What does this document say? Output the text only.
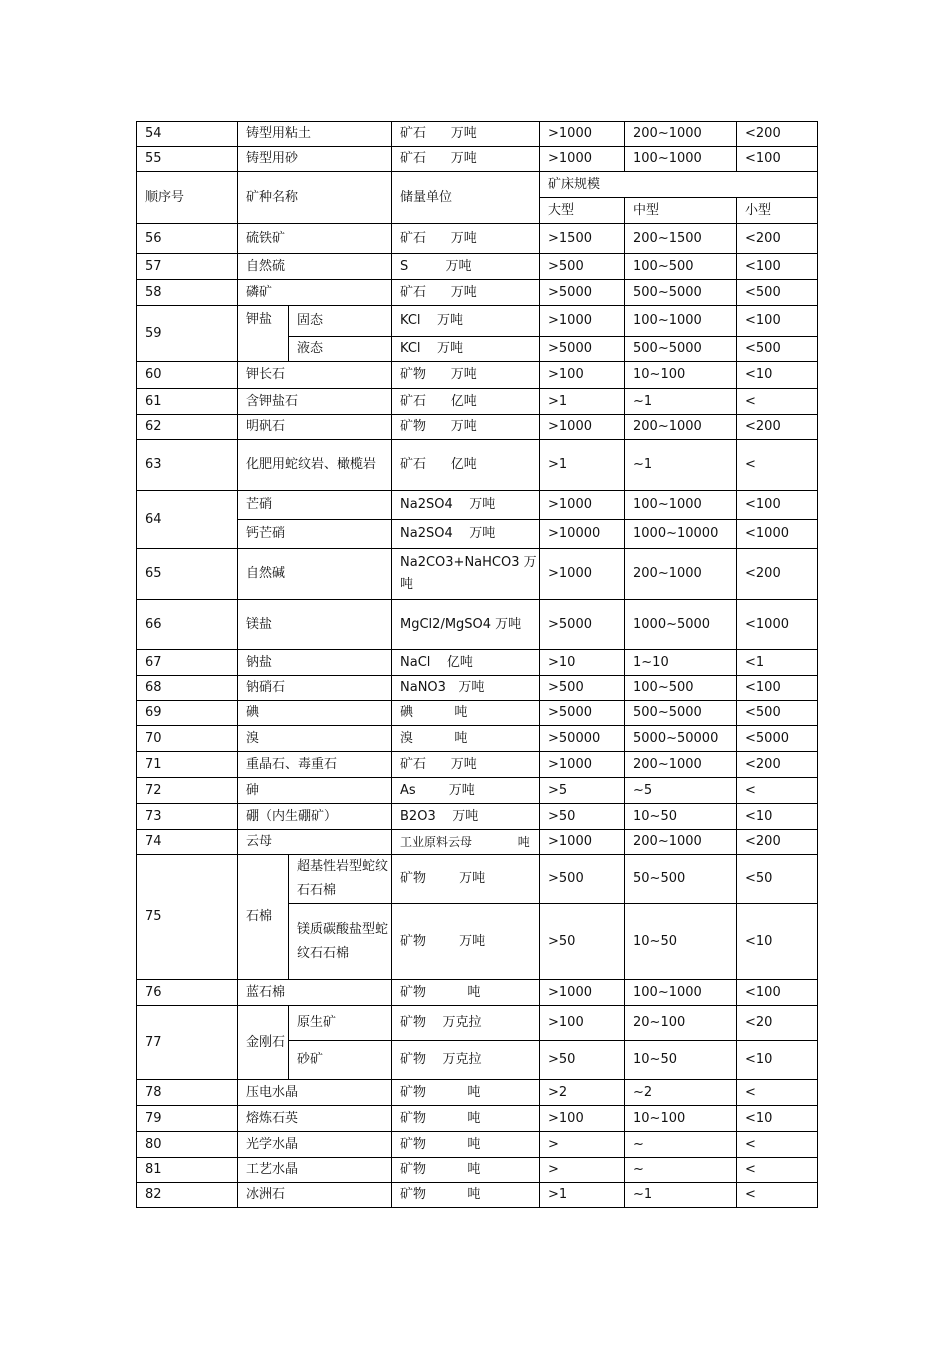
54	铸型用粘土		矿石      万吨	>1000	200~1000	<200
55	铸型用砂		矿石      万吨	>1000	100~1000	<100
顺序号	矿种名称		储量单位	矿床规模		
				大型	中型	小型
56	硫铁矿		矿石      万吨	>1500	200~1500	<200
57	自然硫		S         万吨	>500	100~500	<100
58	磷矿		矿石      万吨	>5000	500~5000	<500
59	钾盐	固态	KCl    万吨	>1000	100~1000	<100
		液态	KCl    万吨	>5000	500~5000	<500
60	钾长石		矿物      万吨	>100	10~100	<10
61	含钾盐石		矿石      亿吨	>1	~1	<
62	明矾石		矿物      万吨	>1000	200~1000	<200
63	化肥用蛇纹岩、橄榄岩		矿石      亿吨	>1	~1	<
64	芒硝		Na2SO4    万吨	>1000	100~1000	<100
	钙芒硝		Na2SO4    万吨	>10000	1000~10000	<1000
65	自然碱		Na2CO3+NaHCO3 万吨	>1000	200~1000	<200
66	镁盐		MgCl2/MgSO4 万吨	>5000	1000~5000	<1000
67	钠盐		NaCl    亿吨	>10	1~10	<1
68	钠硝石		NaNO3   万吨	>500	100~500	<100
69	碘		碘          吨	>5000	500~5000	<500
70	溴		溴          吨	>50000	5000~50000	<5000
71	重晶石、毒重石		矿石      万吨	>1000	200~1000	<200
72	砷		As        万吨	>5	~5	<
73	硼（内生硼矿）		B2O3    万吨	>50	10~50	<10
74	云母		工业原料云母            吨	>1000	200~1000	<200
75	石棉	超基性岩型蛇纹石石棉	矿物        万吨	>500	50~500	<50
		镁质碳酸盐型蛇纹石石棉	矿物        万吨	>50	10~50	<10
76	蓝石棉		矿物          吨	>1000	100~1000	<100
77	金刚石	原生矿	矿物    万克拉	>100	20~100	<20
		砂矿	矿物    万克拉	>50	10~50	<10
78	压电水晶		矿物          吨	>2	~2	<
79	熔炼石英		矿物          吨	>100	10~100	<10
80	光学水晶		矿物          吨	>	~	<
81	工艺水晶		矿物          吨	>	~	<
82	冰洲石		矿物          吨	>1	~1	<
